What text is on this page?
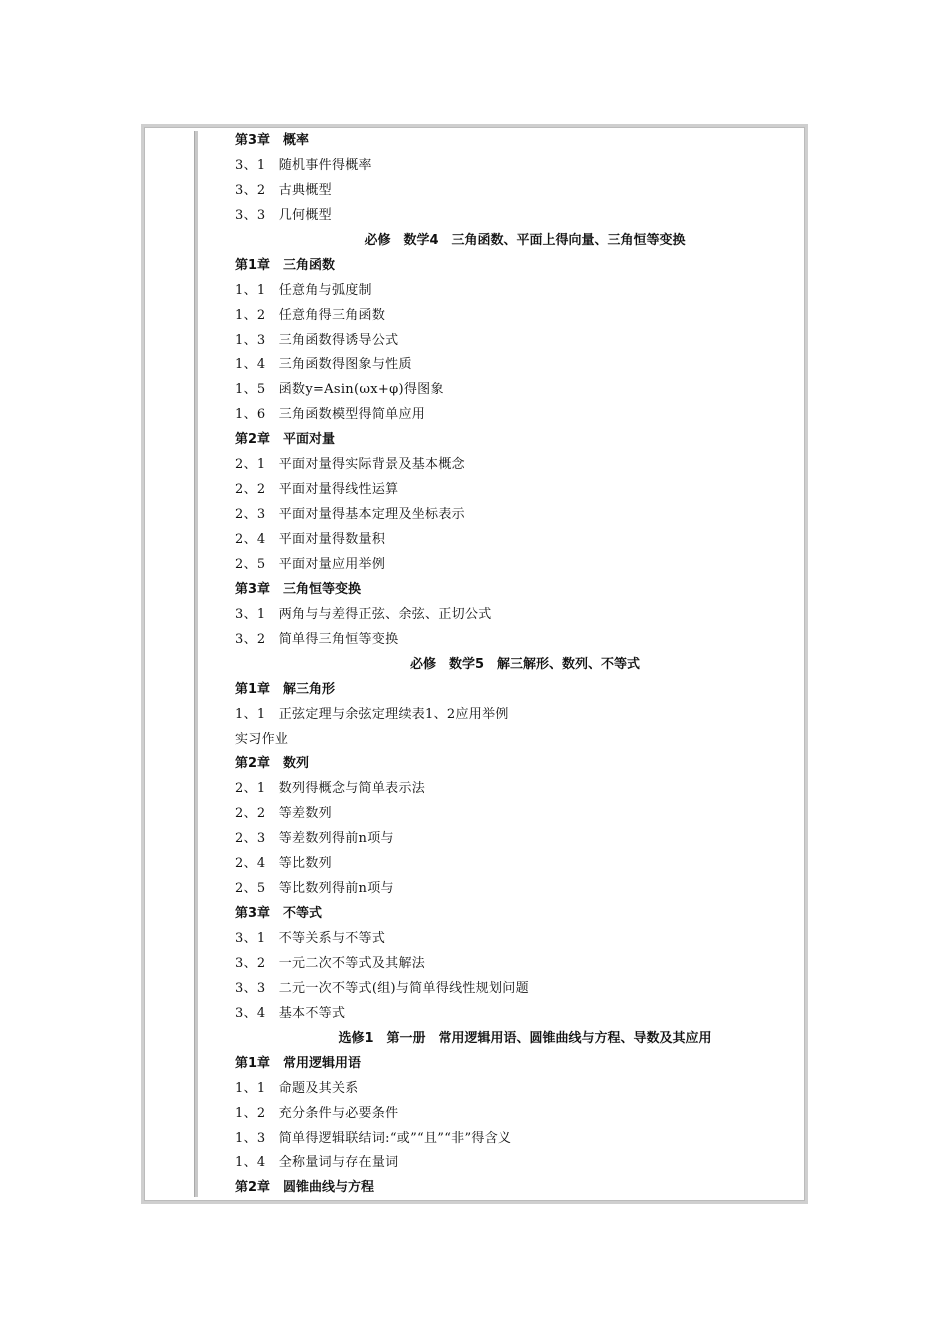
第3章　概率
3、1　随机事件得概率
3、2　古典概型
3、3　几何概型
必修　数学4　三角函数、平面上得向量、三角恒等变换
第1章　三角函数
1、1　任意角与弧度制
1、2　任意角得三角函数
1、3　三角函数得诱导公式
1、4　三角函数得图象与性质
1、5　函数y=Asin(ωx+φ)得图象
1、6　三角函数模型得简单应用
第2章　平面对量
2、1　平面对量得实际背景及基本概念
2、2　平面对量得线性运算
2、3　平面对量得基本定理及坐标表示
2、4　平面对量得数量积
2、5　平面对量应用举例
第3章　三角恒等变换
3、1　两角与与差得正弦、余弦、正切公式
3、2　简单得三角恒等变换
必修　数学5　解三解形、数列、不等式
第1章　解三角形
1、1　正弦定理与余弦定理续表1、2应用举例
实习作业
第2章　数列
2、1　数列得概念与简单表示法
2、2　等差数列
2、3　等差数列得前n项与
2、4　等比数列
2、5　等比数列得前n项与
第3章　不等式
3、1　不等关系与不等式
3、2　一元二次不等式及其解法
3、3　二元一次不等式(组)与简单得线性规划问题
3、4　基本不等式
选修1　第一册　常用逻辑用语、圆锥曲线与方程、导数及其应用
第1章　常用逻辑用语
1、1　命题及其关系
1、2　充分条件与必要条件
1、3　简单得逻辑联结词:“或”“且”“非”得含义
1、4　全称量词与存在量词
第2章　圆锥曲线与方程
